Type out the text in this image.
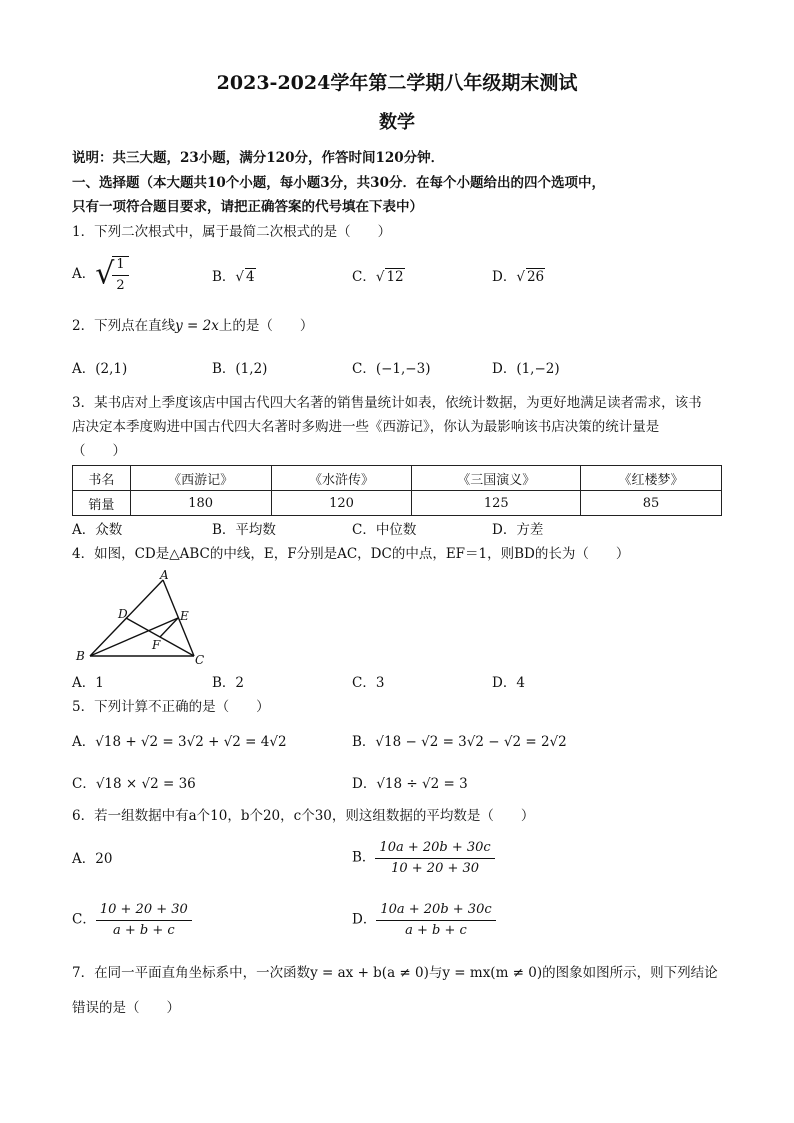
2023-2024学年第二学期八年级期末测试
数学
说明：共三大题，23小题，满分120分，作答时间120分钟．
一、选择题（本大题共10个小题，每小题3分，共30分．在每个小题给出的四个选项中，
只有一项符合题目要求，请把正确答案的代号填在下表中）
1．下列二次根式中，属于最简二次根式的是（　　）
A．√
$\frac{1}{2}$	B．√ 4	C．√ 12	D．√ 26
2．下列点在直线y = 2x上的是（　　）
A．(2,1)	B．(1,2)	C．(−1,−3)	D．(1,−2)
3．某书店对上季度该店中国古代四大名著的销售量统计如表，依统计数据，为更好地满足读者需求，该书
店决定本季度购进中国古代四大名著时多购进一些《西游记》，你认为最影响该书店决策的统计量是
（　　）
书名	《西游记》	《水浒传》	《三国演义》	《红楼梦》
销量	180	120	125	85
A．众数	B．平均数	C．中位数	D．方差
4．如图，CD是△ABC的中线，E，F分别是AC，DC的中点，EF＝1，则BD的长为（　　）
A
B	C
D	E
F
A．1	B．2	C．3	D．4
5．下列计算不正确的是（　　）
A．√18 + √2 = 3√2 + √2 = 4√2	B．√18 − √2 = 3√2 − √2 = 2√2
C．√18 × √2 = 36	D．√18 ÷ √2 = 3
6．若一组数据中有a个10，b个20，c个30，则这组数据的平均数是（　　）
A．20	B． $\frac{10a + 20b + 30c}{10 + 20 + 30}$
C． $\frac{10 + 20 + 30}{a + b + c}$	D． $\frac{10a + 20b + 30c}{a + b + c}$
7．在同一平面直角坐标系中，一次函数y = ax + b(a ≠ 0)与y = mx(m ≠ 0)的图象如图所示，则下列结论
错误的是（　　）
